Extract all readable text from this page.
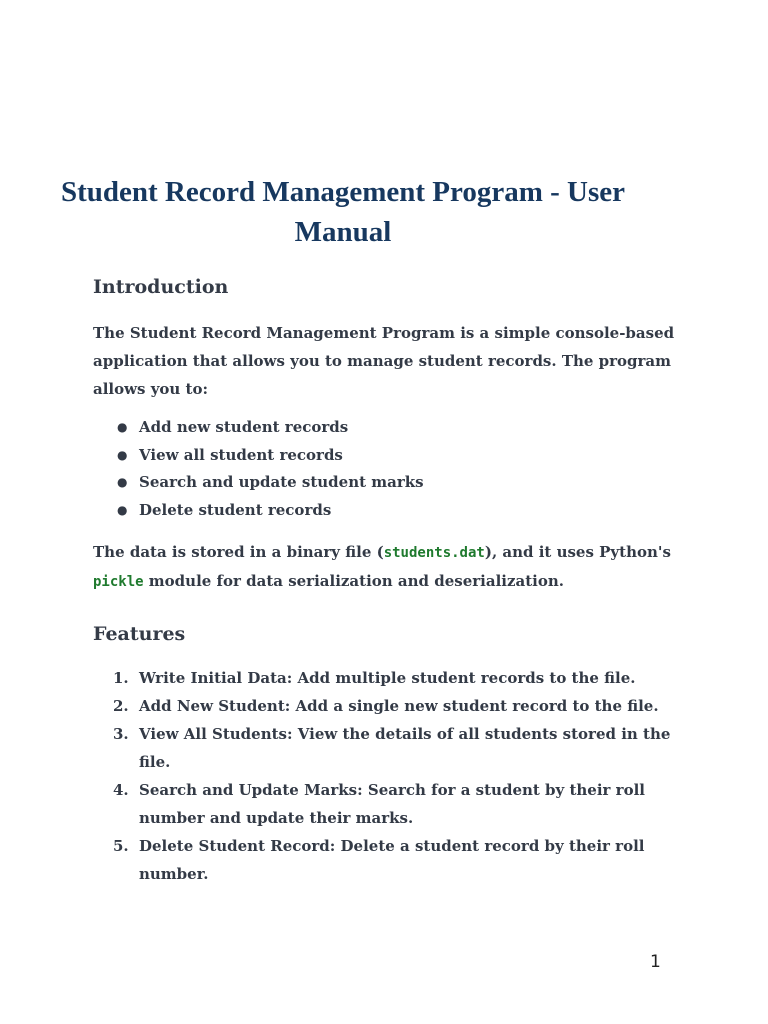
Student Record Management Program - User Manual
Introduction

The Student Record Management Program is a simple console-based application that allows you to manage student records. The program allows you to:

● Add new student records
● View all student records
● Search and update student marks
● Delete student records

The data is stored in a binary file (students.dat), and it uses Python's
pickle module for data serialization and deserialization.

Features
1. Write Initial Data: Add multiple student records to the file.
2. Add New Student: Add a single new student record to the file.
3. View All Students: View the details of all students stored in the file.
4. Search and Update Marks: Search for a student by their roll number and update their marks.
5. Delete Student Record: Delete a student record by their roll number.
1
